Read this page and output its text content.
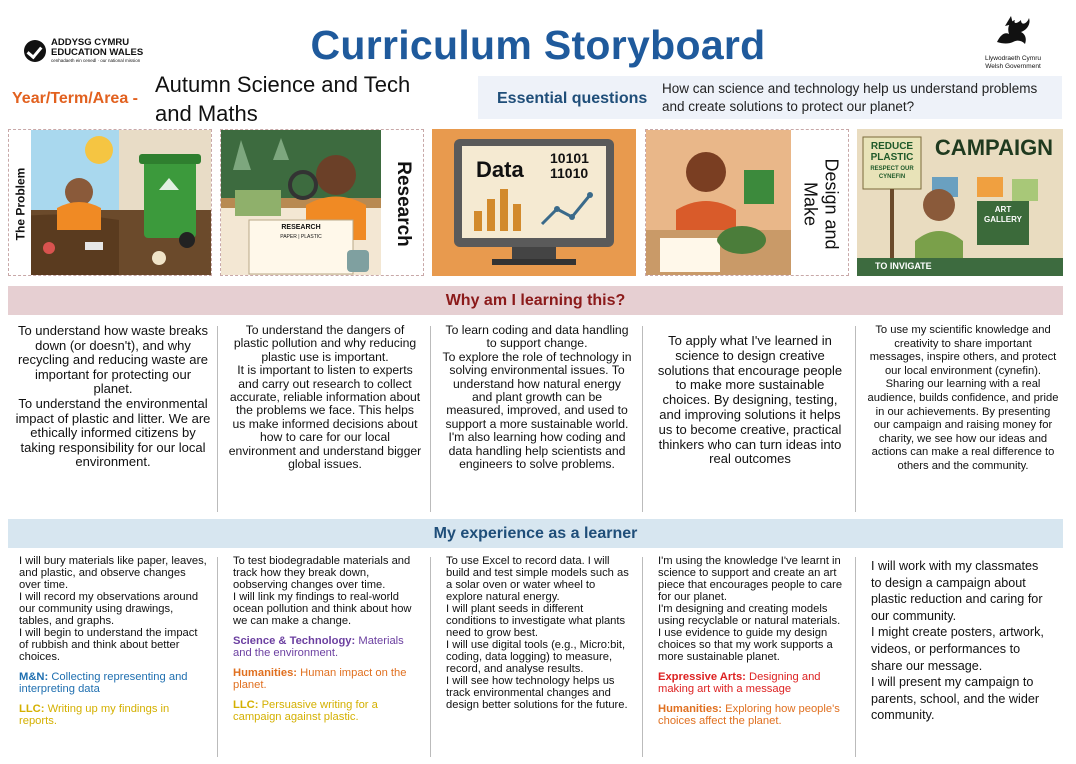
ADDYSG CYMRU
EDUCATION WALES
cenhadaeth ein cenedl · our national mission	Curriculum Storyboard	Llywodraeth Cymru
Welsh Government
Year/Term/Area -
Autumn Science and Tech and Maths
Essential questions
How can science and technology help us understand problems and create solutions to protect our planet?
The Problem	RESEARCH
PAPER | PLASTIC	Research	Data 10101
11010	Design and
Make
REDUCE
PLASTIC
RESPECT OUR
CYNEFIN
CAMPAIGN
ART
GALLERY
TO INVIGATE
Why am I learning this?
To understand how waste breaks down (or doesn't), and why recycling and reducing waste are important for protecting our planet.
To understand the environmental impact of plastic and litter. We are ethically informed citizens by taking responsibility for our local environment.
To understand the dangers of plastic pollution and why reducing plastic use is important.
It is important to listen to experts and carry out research to collect accurate, reliable information about the problems we face. This helps us make informed decisions about how to care for our local environment and understand bigger global issues.
To learn coding and data handling to support change.
To explore the role of technology in solving environmental issues. To understand how natural energy and plant growth can be measured, improved, and used to support a more sustainable world. I'm also learning how coding and data handling help scientists and engineers to solve problems.
To apply what I've learned in science to design creative solutions that encourage people to make more sustainable choices. By designing, testing, and improving solutions it helps us to become creative, practical thinkers who can turn ideas into real outcomes
To use my scientific knowledge and creativity to share important messages, inspire others, and protect our local environment (cynefin).
Sharing our learning with a real audience, builds confidence, and pride in our achievements. By presenting our campaign and raising money for charity, we see how our ideas and actions can make a real difference to others and the community.
My experience as a learner
I will bury materials like paper, leaves, and plastic, and observe changes over time.
I will record my observations around our community using drawings, tables, and graphs.
I will begin to understand the impact of rubbish and think about better choices.
M&N: Collecting representing and interpreting data
LLC: Writing up my findings in reports.
To test biodegradable materials and track how they break down, oobserving changes over time.
I will link my findings to real-world ocean pollution and think about how we can make a change.
Science & Technology: Materials and the environment.
Humanities: Human impact on the planet.
LLC: Persuasive writing for a campaign against plastic.
To use Excel to record data. I will build and test simple models such as a solar oven or water wheel to explore natural energy.
I will plant seeds in different conditions to investigate what plants need to grow best.
I will use digital tools (e.g., Micro:bit, coding, data logging) to measure, record, and analyse results.
I will see how technology helps us track environmental changes and design better solutions for the future.
I'm using the knowledge I've learnt in science to support and create an art piece that encourages people to care for our planet.
I'm designing and creating models using recyclable or natural materials.
I use evidence to guide my design choices so that my work supports a more sustainable planet.
Expressive Arts: Designing and making art with a message
Humanities: Exploring how people's choices affect the planet.
I will work with my classmates to design a campaign about plastic reduction and caring for our community.
I might create posters, artwork, videos, or performances to share our message.
I will present my campaign to parents, school, and the wider community.
